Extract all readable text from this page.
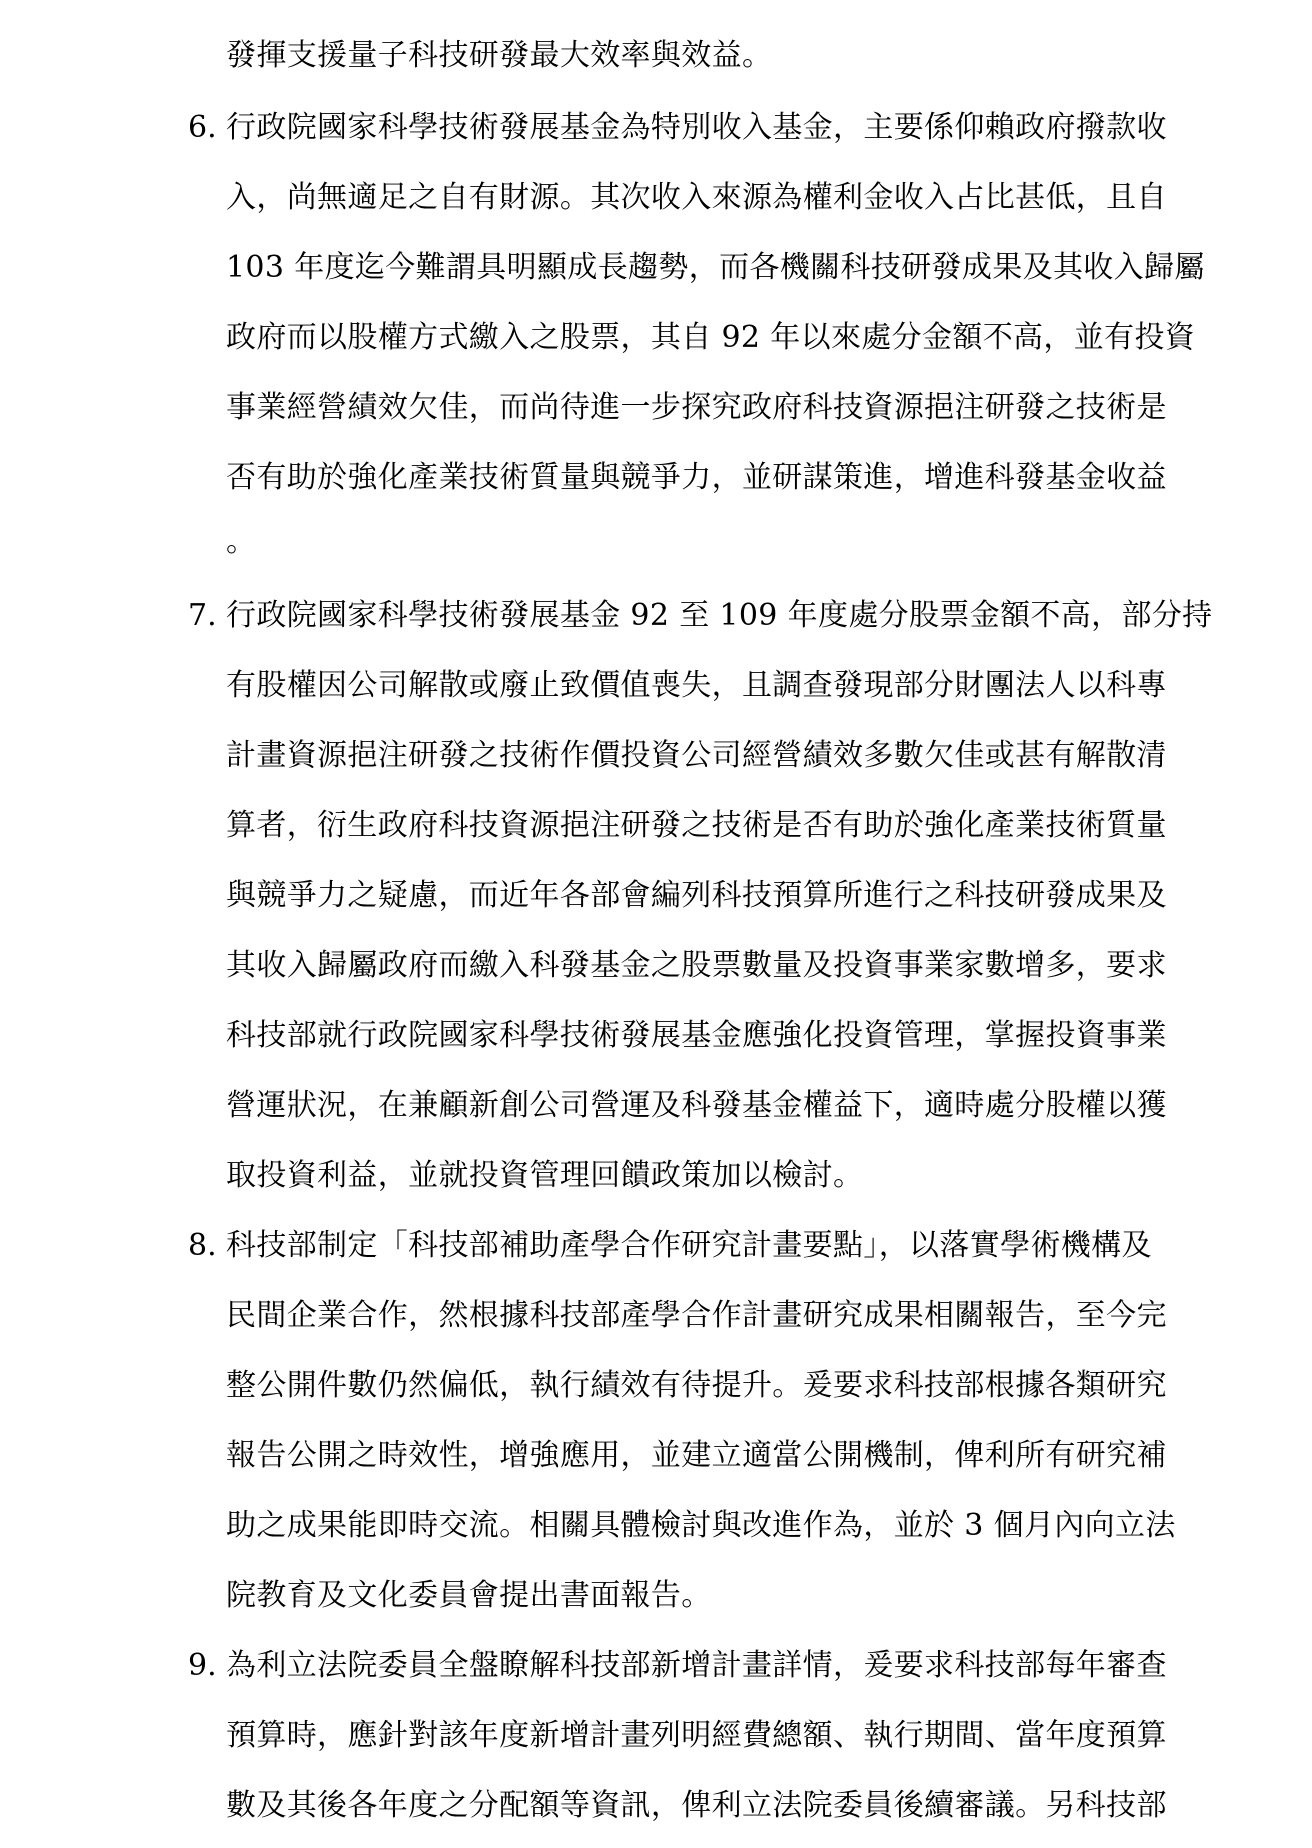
發揮支援量子科技研發最大效率與效益。
6. 行政院國家科學技術發展基金為特別收入基金，主要係仰賴政府撥款收
入，尚無適足之自有財源。其次收入來源為權利金收入占比甚低，且自
103 年度迄今難謂具明顯成長趨勢，而各機關科技研發成果及其收入歸屬
政府而以股權方式繳入之股票，其自 92 年以來處分金額不高，並有投資
事業經營績效欠佳，而尚待進一步探究政府科技資源挹注研發之技術是
否有助於強化產業技術質量與競爭力，並研謀策進，增進科發基金收益
。
7. 行政院國家科學技術發展基金 92 至 109 年度處分股票金額不高，部分持
有股權因公司解散或廢止致價值喪失，且調查發現部分財團法人以科專
計畫資源挹注研發之技術作價投資公司經營績效多數欠佳或甚有解散清
算者，衍生政府科技資源挹注研發之技術是否有助於強化產業技術質量
與競爭力之疑慮，而近年各部會編列科技預算所進行之科技研發成果及
其收入歸屬政府而繳入科發基金之股票數量及投資事業家數增多，要求
科技部就行政院國家科學技術發展基金應強化投資管理，掌握投資事業
營運狀況，在兼顧新創公司營運及科發基金權益下，適時處分股權以獲
取投資利益，並就投資管理回饋政策加以檢討。
8. 科技部制定「科技部補助產學合作研究計畫要點」，以落實學術機構及
民間企業合作，然根據科技部產學合作計畫研究成果相關報告，至今完
整公開件數仍然偏低，執行績效有待提升。爰要求科技部根據各類研究
報告公開之時效性，增強應用，並建立適當公開機制，俾利所有研究補
助之成果能即時交流。相關具體檢討與改進作為，並於 3 個月內向立法
院教育及文化委員會提出書面報告。
9. 為利立法院委員全盤瞭解科技部新增計畫詳情，爰要求科技部每年審查
預算時，應針對該年度新增計畫列明經費總額、執行期間、當年度預算
數及其後各年度之分配額等資訊，俾利立法院委員後續審議。另科技部
